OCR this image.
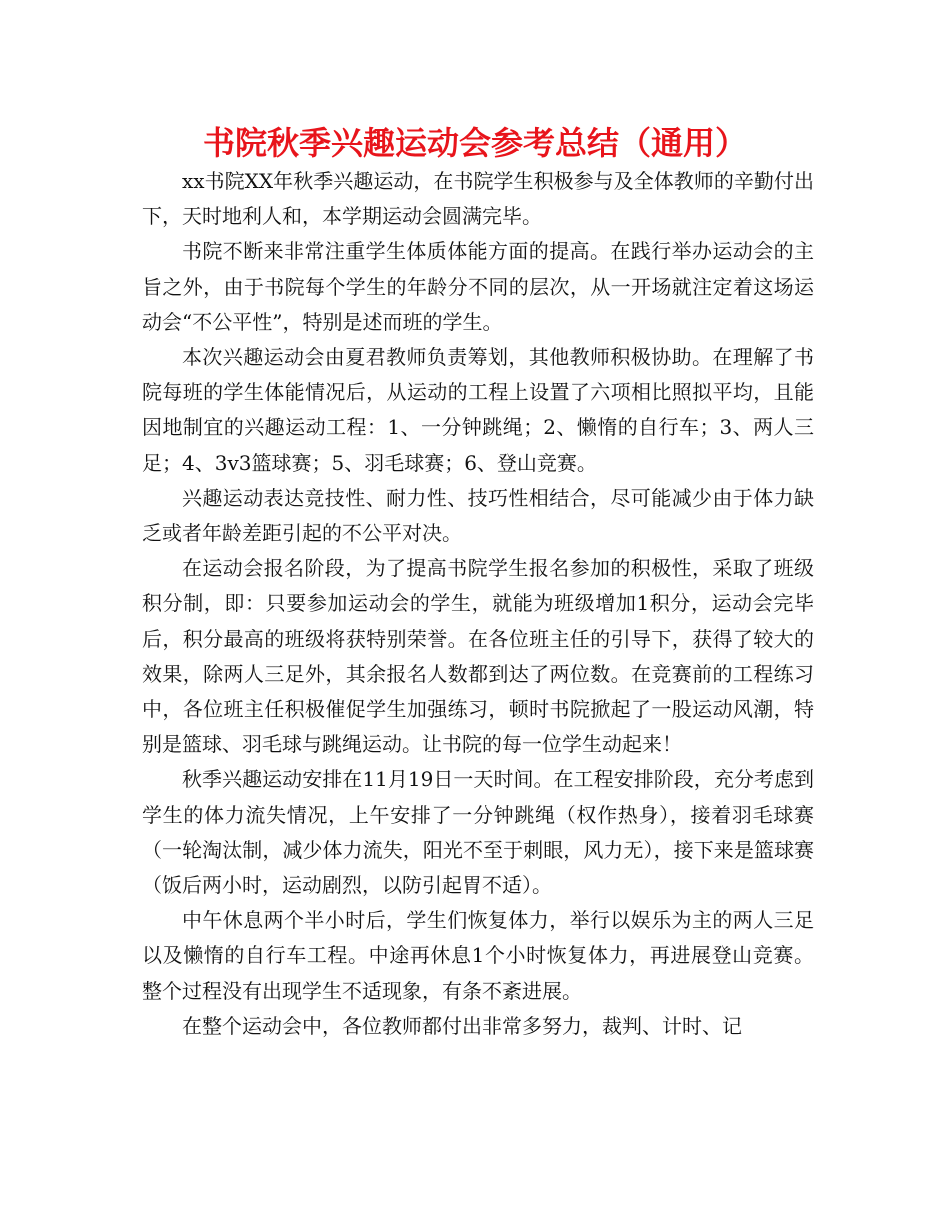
书院秋季兴趣运动会参考总结（通用）

xx书院XX年秋季兴趣运动，在书院学生积极参与及全体教师的辛勤付出下，天时地利人和，本学期运动会圆满完毕。

书院不断来非常注重学生体质体能方面的提高。在践行举办运动会的主旨之外，由于书院每个学生的年龄分不同的层次，从一开场就注定着这场运动会“不公平性”，特别是述而班的学生。

本次兴趣运动会由夏君教师负责筹划，其他教师积极协助。在理解了书院每班的学生体能情况后，从运动的工程上设置了六项相比照拟平均，且能因地制宜的兴趣运动工程：1、一分钟跳绳；2、懒惰的自行车；3、两人三足；4、3v3篮球赛；5、羽毛球赛；6、登山竞赛。

兴趣运动表达竞技性、耐力性、技巧性相结合，尽可能减少由于体力缺乏或者年龄差距引起的不公平对决。

在运动会报名阶段，为了提高书院学生报名参加的积极性，采取了班级积分制，即：只要参加运动会的学生，就能为班级增加1积分，运动会完毕后，积分最高的班级将获特别荣誉。在各位班主任的引导下，获得了较大的效果，除两人三足外，其余报名人数都到达了两位数。在竞赛前的工程练习中，各位班主任积极催促学生加强练习，顿时书院掀起了一股运动风潮，特别是篮球、羽毛球与跳绳运动。让书院的每一位学生动起来！

秋季兴趣运动安排在11月19日一天时间。在工程安排阶段，充分考虑到学生的体力流失情况，上午安排了一分钟跳绳（权作热身），接着羽毛球赛（一轮淘汰制，减少体力流失，阳光不至于刺眼，风力无），接下来是篮球赛（饭后两小时，运动剧烈，以防引起胃不适）。

中午休息两个半小时后，学生们恢复体力，举行以娱乐为主的两人三足以及懒惰的自行车工程。中途再休息1个小时恢复体力，再进展登山竞赛。整个过程没有出现学生不适现象，有条不紊进展。

在整个运动会中，各位教师都付出非常多努力，裁判、计时、记
